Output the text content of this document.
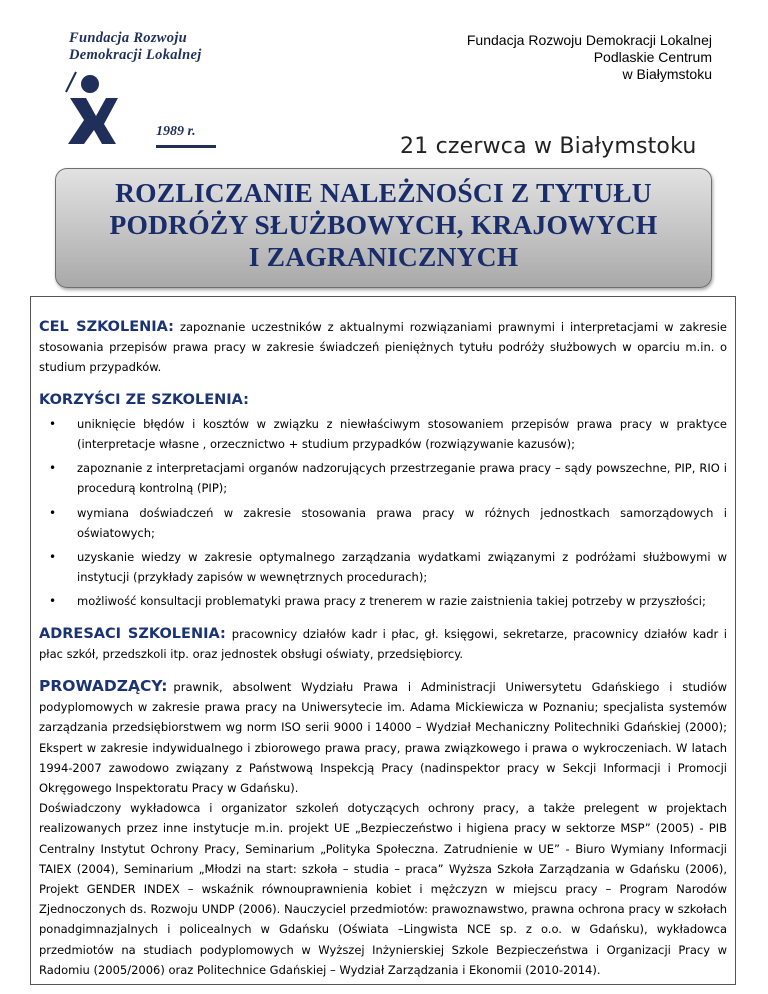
Fundacja Rozwoju
Demokracji Lokalnej
1989 r.
Fundacja Rozwoju Demokracji Lokalnej
Podlaskie Centrum
w Białymstoku
21 czerwca w Białymstoku
ROZLICZANIE NALEŻNOŚCI Z TYTUŁU
PODRÓŻY SŁUŻBOWYCH, KRAJOWYCH
I ZAGRANICZNYCH

CEL SZKOLENIA: zapoznanie uczestników z aktualnymi rozwiązaniami prawnymi i interpretacjami w zakresie stosowania przepisów prawa pracy w zakresie świadczeń pieniężnych tytułu podróży służbowych w oparciu m.in. o studium przypadków.

KORZYŚCI ZE SZKOLENIA:
• uniknięcie błędów i kosztów w związku z niewłaściwym stosowaniem przepisów prawa pracy w praktyce (interpretacje własne , orzecznictwo + studium przypadków (rozwiązywanie kazusów);
• zapoznanie z interpretacjami organów nadzorujących przestrzeganie prawa pracy – sądy powszechne, PIP, RIO i procedurą kontrolną (PIP);
• wymiana doświadczeń w zakresie stosowania prawa pracy w różnych jednostkach samorządowych i oświatowych;
• uzyskanie wiedzy w zakresie optymalnego zarządzania wydatkami związanymi z podróżami służbowymi w instytucji (przykłady zapisów w wewnętrznych procedurach);
• możliwość konsultacji problematyki prawa pracy z trenerem w razie zaistnienia takiej potrzeby w przyszłości;

ADRESACI SZKOLENIA: pracownicy działów kadr i płac, gł. księgowi, sekretarze, pracownicy działów kadr i płac szkół, przedszkoli itp. oraz jednostek obsługi oświaty, przedsiębiorcy.

PROWADZĄCY: prawnik, absolwent Wydziału Prawa i Administracji Uniwersytetu Gdańskiego i studiów podyplomowych w zakresie prawa pracy na Uniwersytecie im. Adama Mickiewicza w Poznaniu; specjalista systemów zarządzania przedsiębiorstwem wg norm ISO serii 9000 i 14000 – Wydział Mechaniczny Politechniki Gdańskiej (2000); Ekspert w zakresie indywidualnego i zbiorowego prawa pracy, prawa związkowego i prawa o wykroczeniach. W latach 1994-2007 zawodowo związany z Państwową Inspekcją Pracy (nadinspektor pracy w Sekcji Informacji i Promocji Okręgowego Inspektoratu Pracy w Gdańsku).
Doświadczony wykładowca i organizator szkoleń dotyczących ochrony pracy, a także prelegent w projektach realizowanych przez inne instytucje m.in. projekt UE „Bezpieczeństwo i higiena pracy w sektorze MSP” (2005) - PIB Centralny Instytut Ochrony Pracy, Seminarium „Polityka Społeczna. Zatrudnienie w UE” - Biuro Wymiany Informacji TAIEX (2004), Seminarium „Młodzi na start: szkoła – studia – praca” Wyższa Szkoła Zarządzania w Gdańsku (2006), Projekt GENDER INDEX – wskaźnik równouprawnienia kobiet i mężczyzn w miejscu pracy – Program Narodów Zjednoczonych ds. Rozwoju UNDP (2006). Nauczyciel przedmiotów: prawoznawstwo, prawna ochrona pracy w szkołach ponadgimnazjalnych i policealnych w Gdańsku (Oświata –Lingwista NCE sp. z o.o. w Gdańsku), wykładowca przedmiotów na studiach podyplomowych w Wyższej Inżynierskiej Szkole Bezpieczeństwa i Organizacji Pracy w Radomiu (2005/2006) oraz Politechnice Gdańskiej – Wydział Zarządzania i Ekonomii (2010-2014).
